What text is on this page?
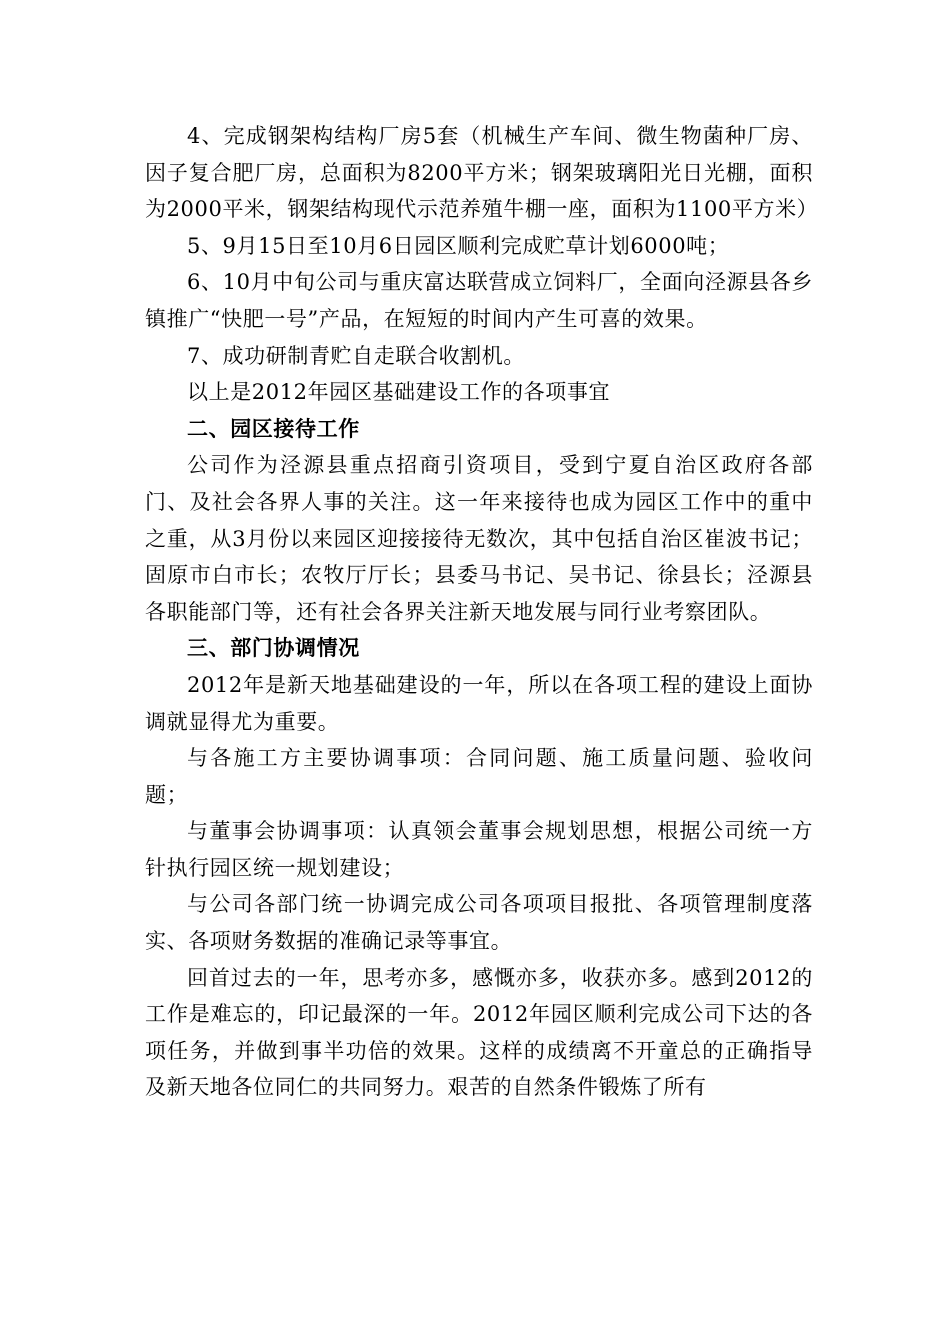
4、完成钢架构结构厂房5套（机械生产车间、微生物菌种厂房、因子复合肥厂房，总面积为8200平方米；钢架玻璃阳光日光棚，面积为2000平米，钢架结构现代示范养殖牛棚一座，面积为1100平方米）

5、9月15日至10月6日园区顺利完成贮草计划6000吨；

6、10月中旬公司与重庆富达联营成立饲料厂，全面向泾源县各乡镇推广“快肥一号”产品，在短短的时间内产生可喜的效果。

7、成功研制青贮自走联合收割机。

以上是2012年园区基础建设工作的各项事宜

二、园区接待工作

公司作为泾源县重点招商引资项目，受到宁夏自治区政府各部门、及社会各界人事的关注。这一年来接待也成为园区工作中的重中之重，从3月份以来园区迎接接待无数次，其中包括自治区崔波书记；固原市白市长；农牧厅厅长；县委马书记、吴书记、徐县长；泾源县各职能部门等，还有社会各界关注新天地发展与同行业考察团队。

三、部门协调情况

2012年是新天地基础建设的一年，所以在各项工程的建设上面协调就显得尤为重要。

与各施工方主要协调事项：合同问题、施工质量问题、验收问题；

与董事会协调事项：认真领会董事会规划思想，根据公司统一方针执行园区统一规划建设；

与公司各部门统一协调完成公司各项项目报批、各项管理制度落实、各项财务数据的准确记录等事宜。

回首过去的一年，思考亦多，感慨亦多，收获亦多。感到2012的工作是难忘的，印记最深的一年。2012年园区顺利完成公司下达的各项任务，并做到事半功倍的效果。这样的成绩离不开童总的正确指导及新天地各位同仁的共同努力。艰苦的自然条件锻炼了所有
